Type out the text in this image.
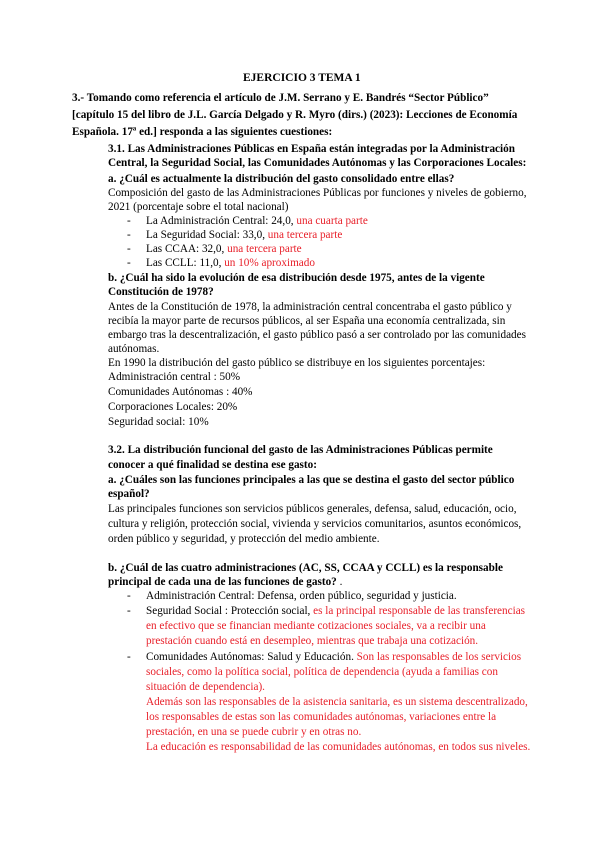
EJERCICIO 3 TEMA 1
3.- Tomando como referencia el artículo de J.M. Serrano y E. Bandrés “Sector Público”
[capítulo 15 del libro de J.L. García Delgado y R. Myro (dirs.) (2023): Lecciones de Economía
Española. 17ª ed.] responda a las siguientes cuestiones:
3.1. Las Administraciones Públicas en España están integradas por la Administración
Central, la Seguridad Social, las Comunidades Autónomas y las Corporaciones Locales:
a. ¿Cuál es actualmente la distribución del gasto consolidado entre ellas?
Composición del gasto de las Administraciones Públicas por funciones y niveles de gobierno,
2021 (porcentaje sobre el total nacional)
- La Administración Central: 24,0, una cuarta parte
- La Seguridad Social: 33,0, una tercera parte
- Las CCAA: 32,0, una tercera parte
- Las CCLL: 11,0, un 10% aproximado
b. ¿Cuál ha sido la evolución de esa distribución desde 1975, antes de la vigente
Constitución de 1978?
Antes de la Constitución de 1978, la administración central concentraba el gasto público y
recibía la mayor parte de recursos públicos, al ser España una economía centralizada, sin
embargo tras la descentralización, el gasto público pasó a ser controlado por las comunidades
autónomas.
En 1990 la distribución del gasto público se distribuye en los siguientes porcentajes:
Administración central : 50%
Comunidades Autónomas : 40%
Corporaciones Locales: 20%
Seguridad social: 10%
3.2. La distribución funcional del gasto de las Administraciones Públicas permite
conocer a qué finalidad se destina ese gasto:
a. ¿Cuáles son las funciones principales a las que se destina el gasto del sector público
español?
Las principales funciones son servicios públicos generales, defensa, salud, educación, ocio,
cultura y religión, protección social, vivienda y servicios comunitarios, asuntos económicos,
orden público y seguridad, y protección del medio ambiente.
b. ¿Cuál de las cuatro administraciones (AC, SS, CCAA y CCLL) es la responsable
principal de cada una de las funciones de gasto? .
- Administración Central: Defensa, orden público, seguridad y justicia.
- Seguridad Social : Protección social, es la principal responsable de las transferencias
en efectivo que se financian mediante cotizaciones sociales, va a recibir una
prestación cuando está en desempleo, mientras que trabaja una cotización.
- Comunidades Autónomas: Salud y Educación. Son las responsables de los servicios
sociales, como la política social, política de dependencia (ayuda a familias con
situación de dependencia).
Además son las responsables de la asistencia sanitaria, es un sistema descentralizado,
los responsables de estas son las comunidades autónomas, variaciones entre la
prestación, en una se puede cubrir y en otras no.
La educación es responsabilidad de las comunidades autónomas, en todos sus niveles.
